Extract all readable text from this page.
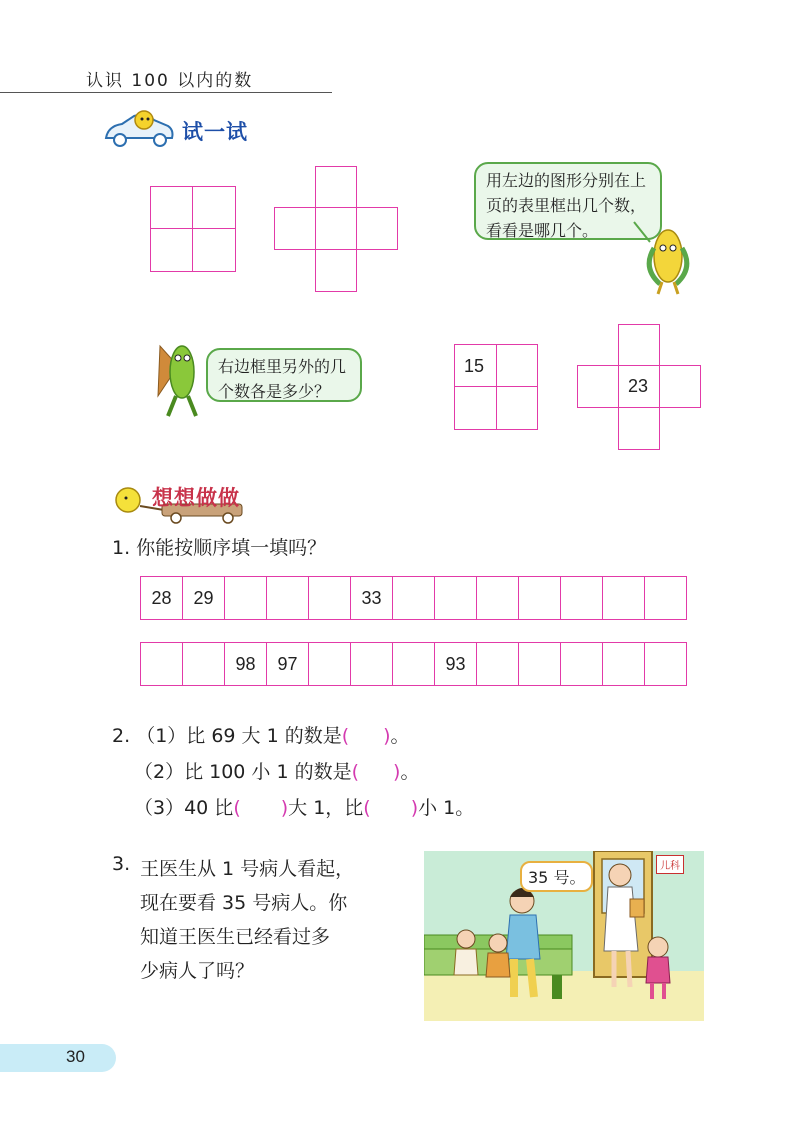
认识 100 以内的数
试一试
用左边的图形分别在上页的表里框出几个数，看看是哪几个。
右边框里另外的几个数各是多少？
15
23
想想做做
1. 你能按顺序填一填吗？
28	29				33							
		98	97				93					
2. （1）比 69 大 1 的数是( )。
（2）比 100 小 1 的数是( )。
（3）40 比( )大 1，比( )小 1。
3. 王医生从 1 号病人看起，
现在要看 35 号病人。你
知道王医生已经看过多
少病人了吗？
35 号。
儿科
30
